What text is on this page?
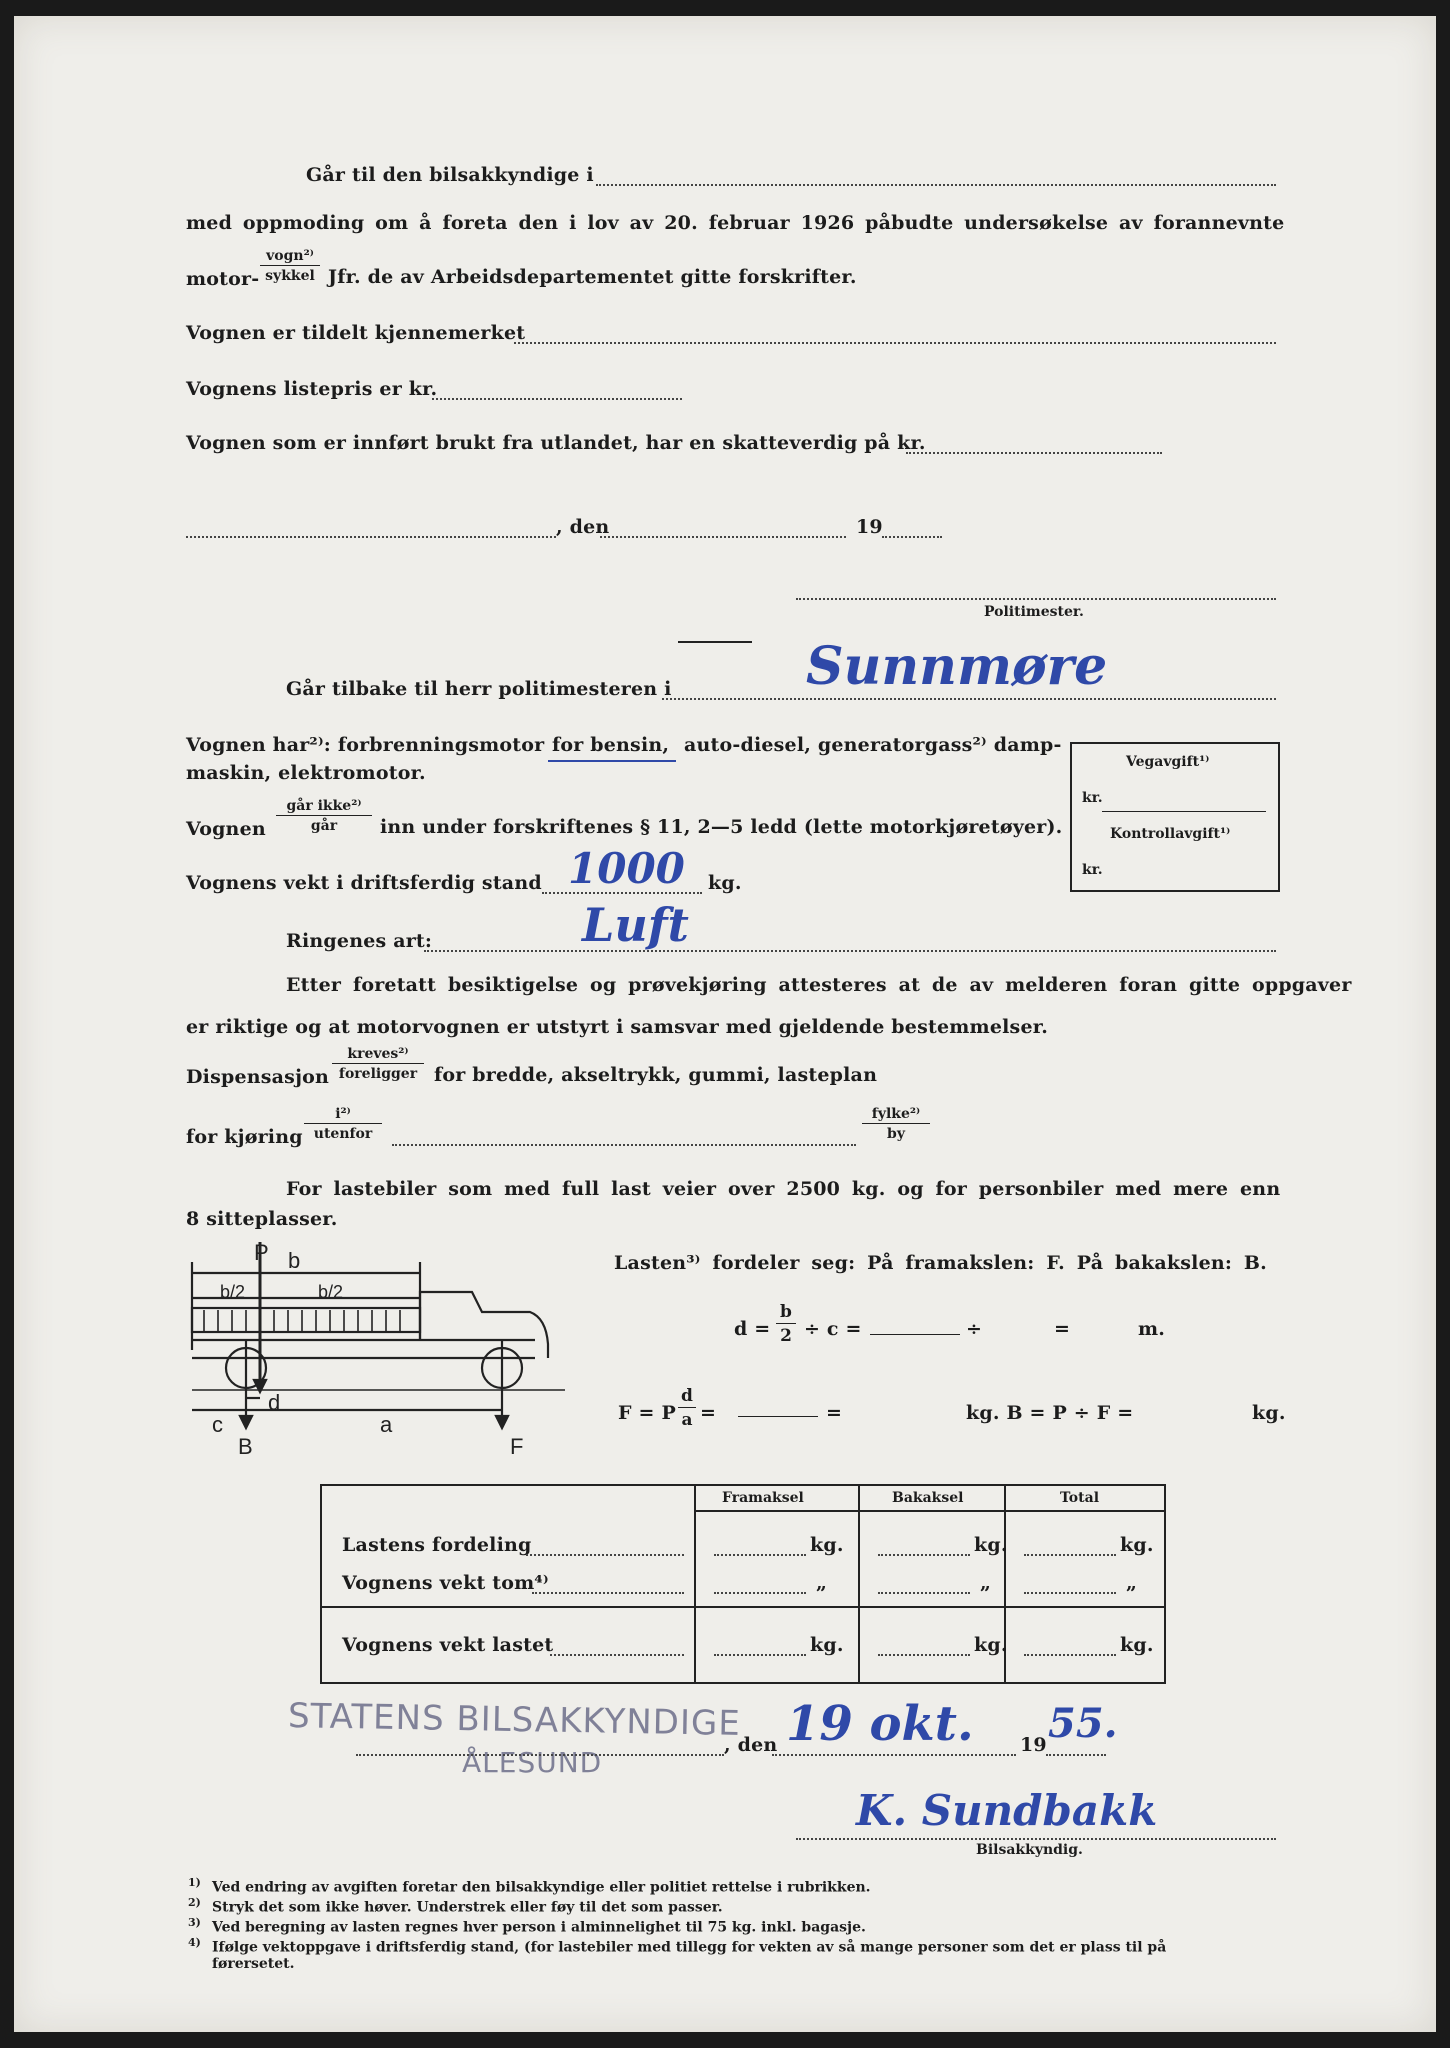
Går til den bilsakkyndige i
med oppmoding om å foreta den i lov av 20. februar 1926 påbudte undersøkelse av forannevnte
motor-
vogn²⁾
sykkel Jfr. de av Arbeidsdepartementet gitte forskrifter.
Vognen er tildelt kjennemerket
Vognens listepris er kr.
Vognen som er innført brukt fra utlandet, har en skatteverdig på kr.
, den	19
Politimester.
Går tilbake til herr politimesteren i	Sunnmøre
Vognen har²⁾: forbrenningsmotor for bensin, auto-diesel, generatorgass²⁾ damp-
maskin, elektromotor.
Vognen
går ikke²⁾
går	inn under forskriftenes § 11, 2—5 ledd (lette motorkjøretøyer).
Vognens vekt i driftsferdig stand 1000 kg.
Ringenes art:	Luft
Vegavgift¹⁾
kr.
Kontrollavgift¹⁾
kr.
Etter foretatt besiktigelse og prøvekjøring attesteres at de av melderen foran gitte oppgaver
er riktige og at motorvognen er utstyrt i samsvar med gjeldende bestemmelser.
Dispensasjon
kreves²⁾
foreligger for bredde, akseltrykk, gummi, lasteplan
for kjøring
i²⁾
utenfor
fylke²⁾
by
For lastebiler som med full last veier over 2500 kg. og for personbiler med mere enn
8 sitteplasser.
P b
b/2	b/2
c
d
a
B	F
Lasten³⁾ fordeler seg: På framakslen: F. På bakakslen: B.
$d = \frac{b}{2} \div c$ =	÷	=	m.
F = P $\frac{d}{a}$ =	=	kg. B = P ÷ F =	kg.
Framaksel	Bakaksel	Total
Lastens fordeling	kg.	kg.	kg.
Vognens vekt tom⁴⁾	„	„	„
Vognens vekt lastet	kg.	kg.	kg.
STATENS BILSAKKYNDIGE
ÅLESUND
, den 19 okt. 19 55.
K. Sundbakk
Bilsakkyndig.
1) Ved endring av avgiften foretar den bilsakkyndige eller politiet rettelse i rubrikken.
2) Stryk det som ikke høver. Understrek eller føy til det som passer.
3) Ved beregning av lasten regnes hver person i alminnelighet til 75 kg. inkl. bagasje.
4) Ifølge vektoppgave i driftsferdig stand, (for lastebiler med tillegg for vekten av så mange personer som det er plass til på
førersetet.
